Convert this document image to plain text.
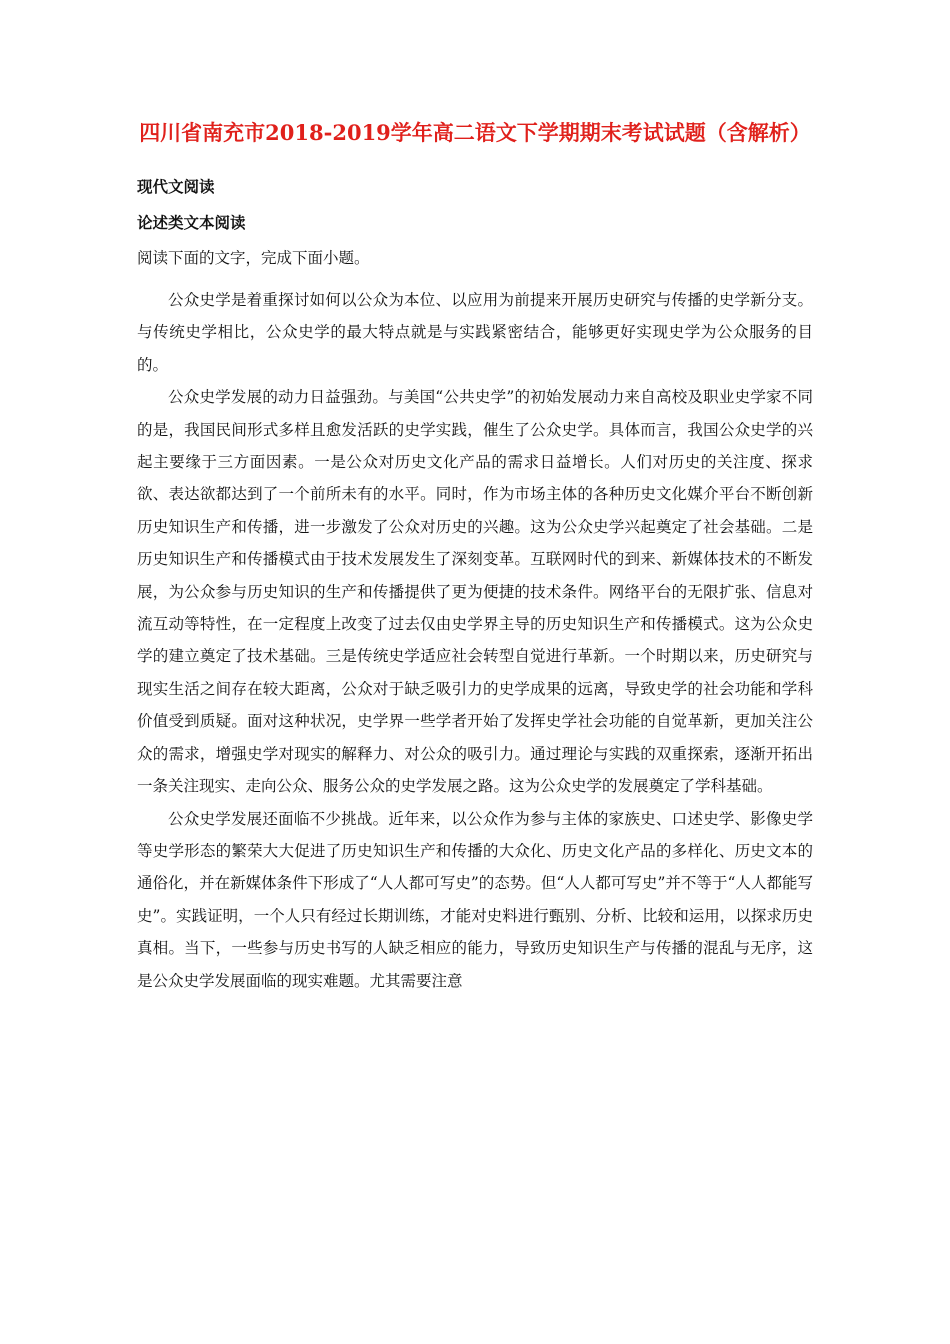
四川省南充市2018-2019学年高二语文下学期期末考试试题（含解析）
现代文阅读
论述类文本阅读
阅读下面的文字，完成下面小题。

公众史学是着重探讨如何以公众为本位、以应用为前提来开展历史研究与传播的史学新分支。与传统史学相比，公众史学的最大特点就是与实践紧密结合，能够更好实现史学为公众服务的目的。

公众史学发展的动力日益强劲。与美国“公共史学”的初始发展动力来自高校及职业史学家不同的是，我国民间形式多样且愈发活跃的史学实践，催生了公众史学。具体而言，我国公众史学的兴起主要缘于三方面因素。一是公众对历史文化产品的需求日益增长。人们对历史的关注度、探求欲、表达欲都达到了一个前所未有的水平。同时，作为市场主体的各种历史文化媒介平台不断创新历史知识生产和传播，进一步激发了公众对历史的兴趣。这为公众史学兴起奠定了社会基础。二是历史知识生产和传播模式由于技术发展发生了深刻变革。互联网时代的到来、新媒体技术的不断发展，为公众参与历史知识的生产和传播提供了更为便捷的技术条件。网络平台的无限扩张、信息对流互动等特性，在一定程度上改变了过去仅由史学界主导的历史知识生产和传播模式。这为公众史学的建立奠定了技术基础。三是传统史学适应社会转型自觉进行革新。一个时期以来，历史研究与现实生活之间存在较大距离，公众对于缺乏吸引力的史学成果的远离，导致史学的社会功能和学科价值受到质疑。面对这种状况，史学界一些学者开始了发挥史学社会功能的自觉革新，更加关注公众的需求，增强史学对现实的解释力、对公众的吸引力。通过理论与实践的双重探索，逐渐开拓出一条关注现实、走向公众、服务公众的史学发展之路。这为公众史学的发展奠定了学科基础。

公众史学发展还面临不少挑战。近年来，以公众作为参与主体的家族史、口述史学、影像史学等史学形态的繁荣大大促进了历史知识生产和传播的大众化、历史文化产品的多样化、历史文本的通俗化，并在新媒体条件下形成了“人人都可写史”的态势。但“人人都可写史”并不等于“人人都能写史”。实践证明，一个人只有经过长期训练，才能对史料进行甄别、分析、比较和运用，以探求历史真相。当下，一些参与历史书写的人缺乏相应的能力，导致历史知识生产与传播的混乱与无序，这是公众史学发展面临的现实难题。尤其需要注意
